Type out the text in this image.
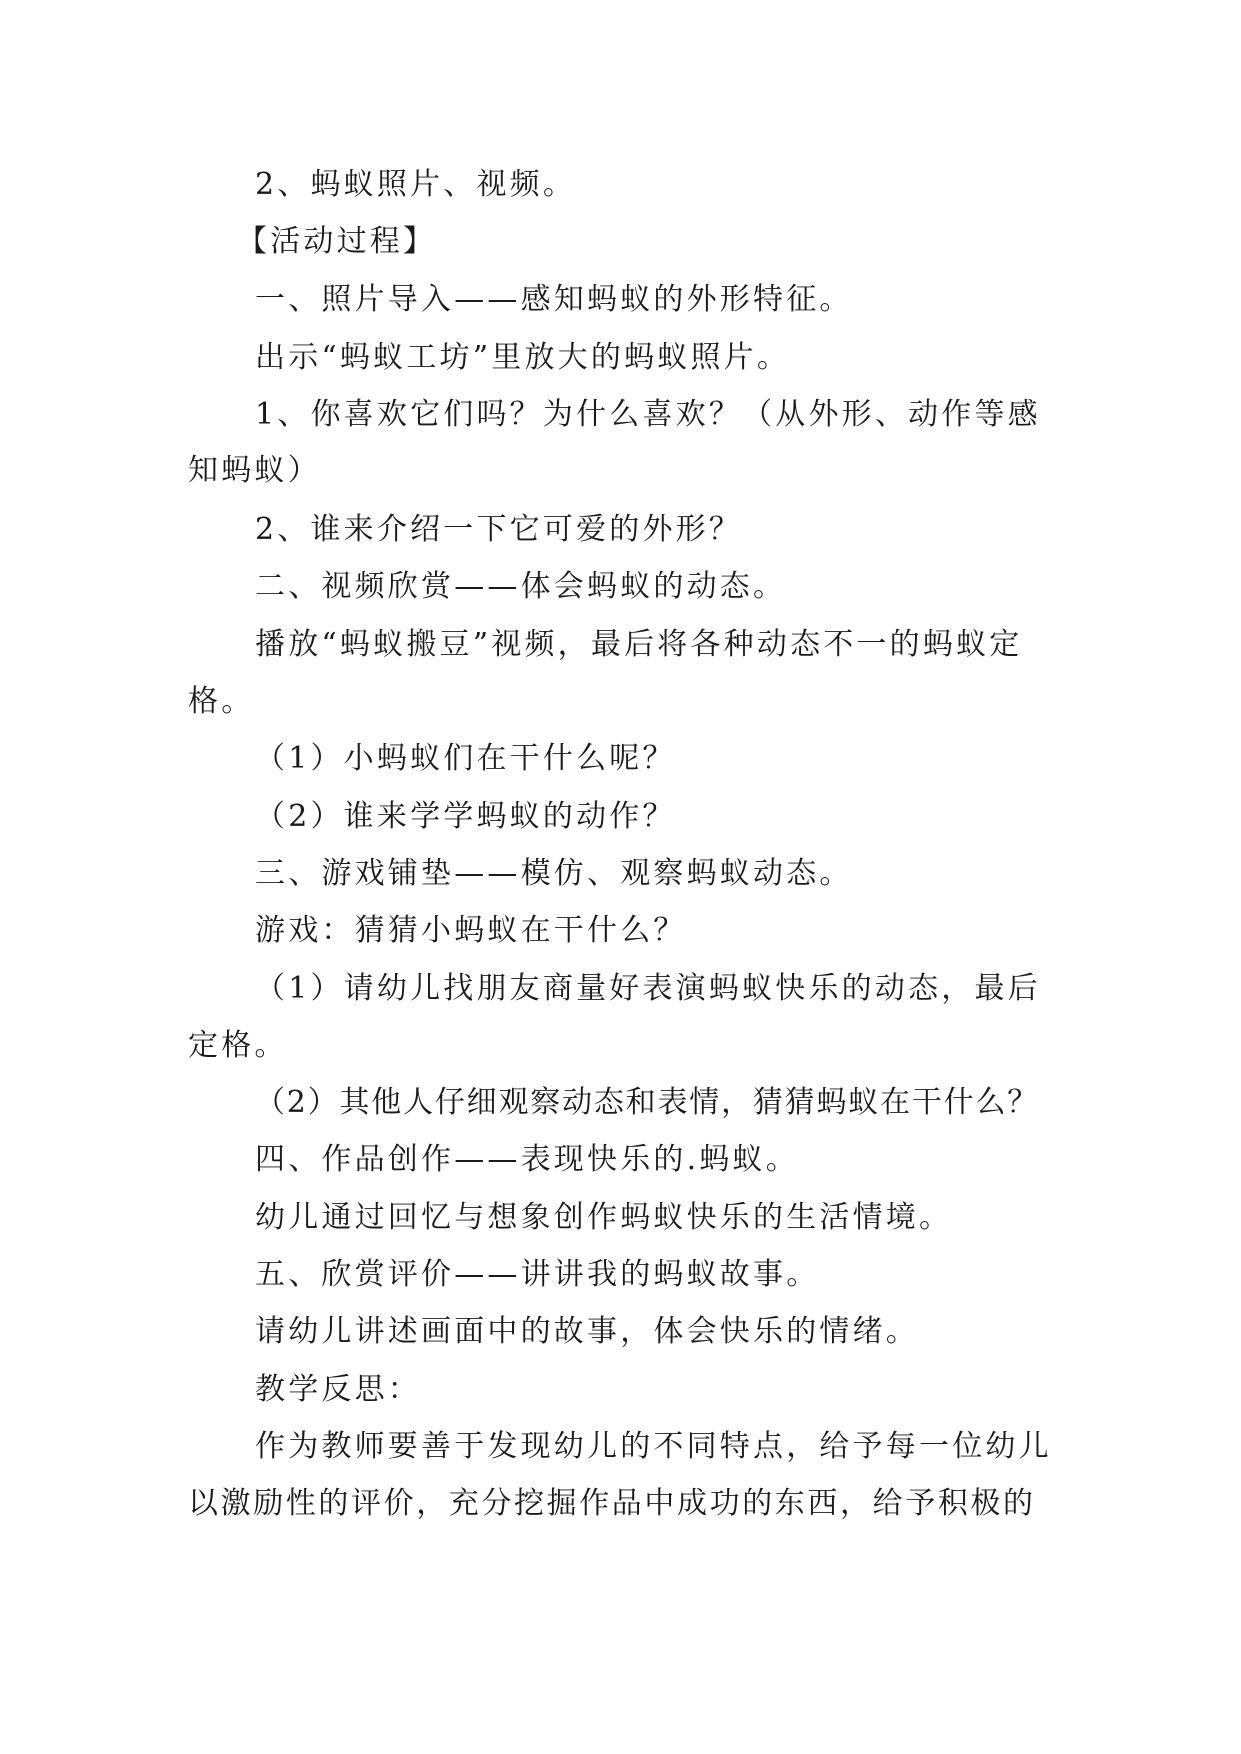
2、蚂蚁照片、视频。
【活动过程】
一、照片导入——感知蚂蚁的外形特征。
出示“蚂蚁工坊”里放大的蚂蚁照片。
1、你喜欢它们吗？为什么喜欢？（从外形、动作等感
知蚂蚁）
2、谁来介绍一下它可爱的外形？
二、视频欣赏——体会蚂蚁的动态。
播放“蚂蚁搬豆”视频，最后将各种动态不一的蚂蚁定
格。
（1）小蚂蚁们在干什么呢？
（2）谁来学学蚂蚁的动作？
三、游戏铺垫——模仿、观察蚂蚁动态。
游戏：猜猜小蚂蚁在干什么？
（1）请幼儿找朋友商量好表演蚂蚁快乐的动态，最后
定格。
（2）其他人仔细观察动态和表情，猜猜蚂蚁在干什么？
四、作品创作——表现快乐的.蚂蚁。
幼儿通过回忆与想象创作蚂蚁快乐的生活情境。
五、欣赏评价——讲讲我的蚂蚁故事。
请幼儿讲述画面中的故事，体会快乐的情绪。
教学反思：
作为教师要善于发现幼儿的不同特点，给予每一位幼儿
以激励性的评价，充分挖掘作品中成功的东西，给予积极的
